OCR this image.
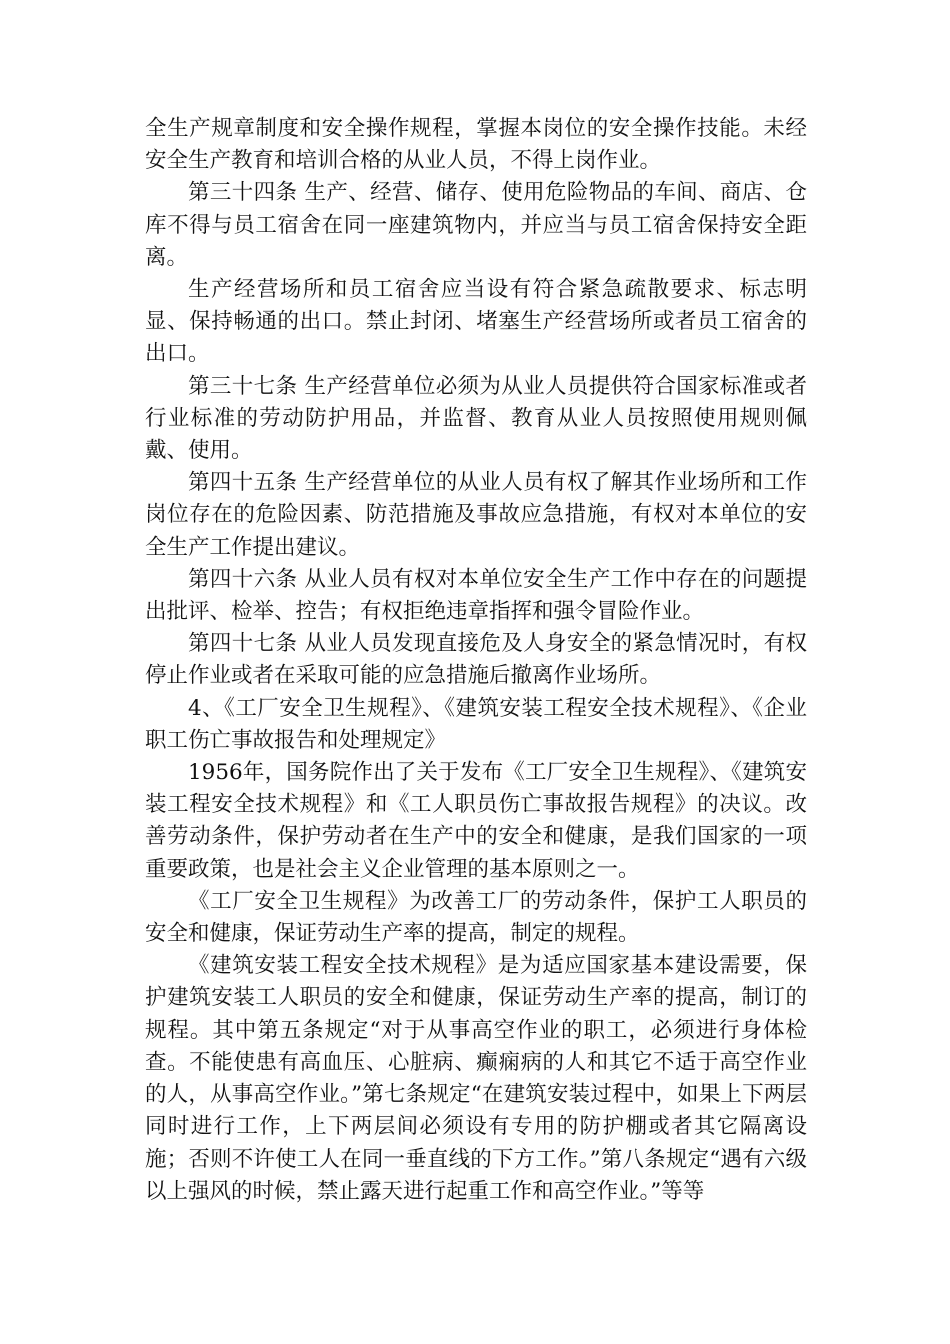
全生产规章制度和安全操作规程，掌握本岗位的安全操作技能。未经安全生产教育和培训合格的从业人员，不得上岗作业。

第三十四条 生产、经营、储存、使用危险物品的车间、商店、仓库不得与员工宿舍在同一座建筑物内，并应当与员工宿舍保持安全距离。

生产经营场所和员工宿舍应当设有符合紧急疏散要求、标志明显、保持畅通的出口。禁止封闭、堵塞生产经营场所或者员工宿舍的出口。

第三十七条 生产经营单位必须为从业人员提供符合国家标准或者行业标准的劳动防护用品，并监督、教育从业人员按照使用规则佩戴、使用。

第四十五条 生产经营单位的从业人员有权了解其作业场所和工作岗位存在的危险因素、防范措施及事故应急措施，有权对本单位的安全生产工作提出建议。

第四十六条 从业人员有权对本单位安全生产工作中存在的问题提出批评、检举、控告；有权拒绝违章指挥和强令冒险作业。

第四十七条 从业人员发现直接危及人身安全的紧急情况时，有权停止作业或者在采取可能的应急措施后撤离作业场所。

4、《工厂安全卫生规程》、《建筑安装工程安全技术规程》、《企业职工伤亡事故报告和处理规定》

1956年，国务院作出了关于发布《工厂安全卫生规程》、《建筑安装工程安全技术规程》和《工人职员伤亡事故报告规程》的决议。改善劳动条件，保护劳动者在生产中的安全和健康，是我们国家的一项重要政策，也是社会主义企业管理的基本原则之一。

《工厂安全卫生规程》为改善工厂的劳动条件，保护工人职员的安全和健康，保证劳动生产率的提高，制定的规程。

《建筑安装工程安全技术规程》是为适应国家基本建设需要，保护建筑安装工人职员的安全和健康，保证劳动生产率的提高，制订的规程。其中第五条规定“对于从事高空作业的职工，必须进行身体检查。不能使患有高血压、心脏病、癫痫病的人和其它不适于高空作业的人，从事高空作业。”第七条规定“在建筑安装过程中，如果上下两层同时进行工作，上下两层间必须设有专用的防护棚或者其它隔离设施；否则不许使工人在同一垂直线的下方工作。”第八条规定“遇有六级以上强风的时候，禁止露天进行起重工作和高空作业。”等等
